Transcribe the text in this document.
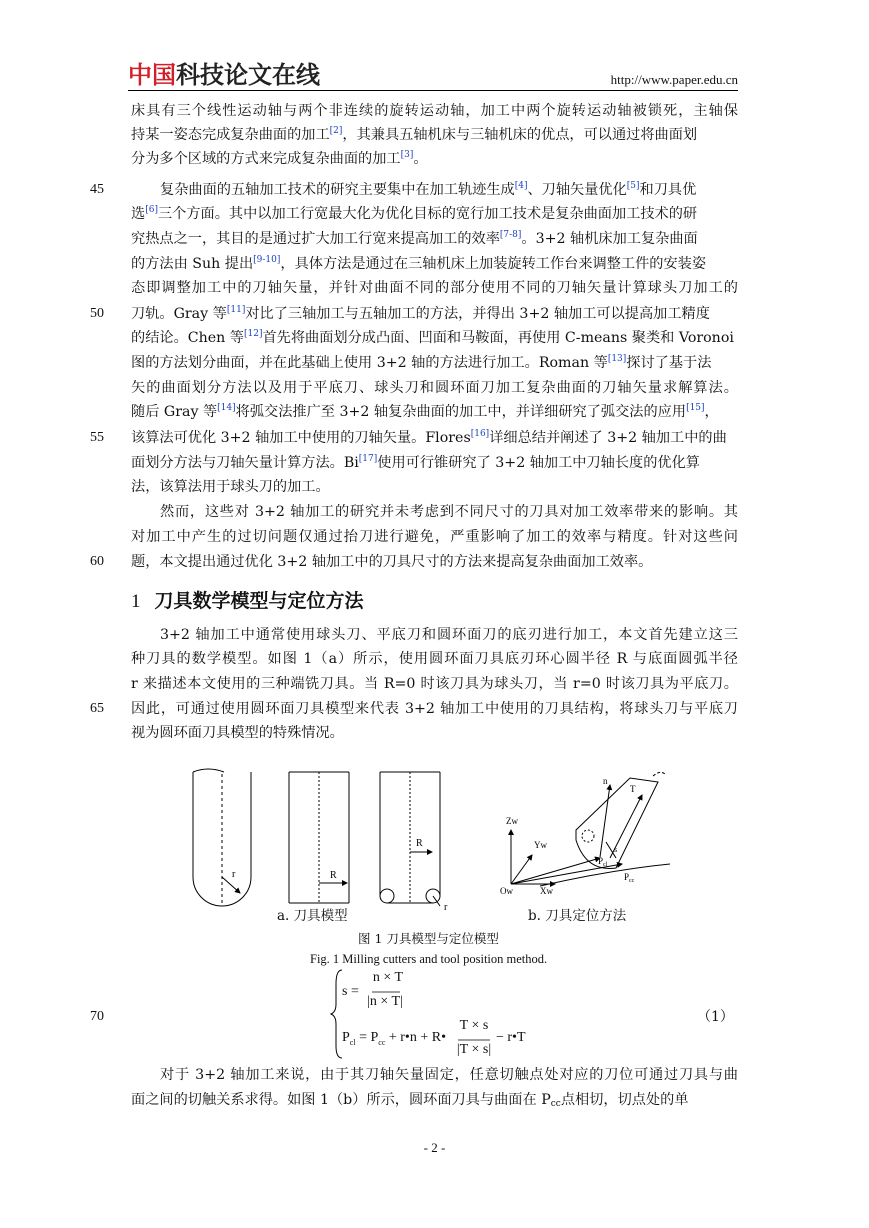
中国科技论文在线	http://www.paper.edu.cn
床具有三个线性运动轴与两个非连续的旋转运动轴，加工中两个旋转运动轴被锁死，主轴保
持某一姿态完成复杂曲面的加工[2]，其兼具五轴机床与三轴机床的优点，可以通过将曲面划
分为多个区域的方式来完成复杂曲面的加工[3]。
45	复杂曲面的五轴加工技术的研究主要集中在加工轨迹生成[4]、刀轴矢量优化[5]和刀具优
选[6]三个方面。其中以加工行宽最大化为优化目标的宽行加工技术是复杂曲面加工技术的研
究热点之一，其目的是通过扩大加工行宽来提高加工的效率[7-8]。3+2 轴机床加工复杂曲面
的方法由 Suh 提出[9-10]，具体方法是通过在三轴机床上加装旋转工作台来调整工件的安装姿
态即调整加工中的刀轴矢量，并针对曲面不同的部分使用不同的刀轴矢量计算球头刀加工的
50 刀轨。Gray 等[11]对比了三轴加工与五轴加工的方法，并得出 3+2 轴加工可以提高加工精度
的结论。Chen 等[12]首先将曲面划分成凸面、凹面和马鞍面，再使用 C-means 聚类和 Voronoi
图的方法划分曲面，并在此基础上使用 3+2 轴的方法进行加工。Roman 等[13]探讨了基于法
矢的曲面划分方法以及用于平底刀、球头刀和圆环面刀加工复杂曲面的刀轴矢量求解算法。
随后 Gray 等[14]将弧交法推广至 3+2 轴复杂曲面的加工中，并详细研究了弧交法的应用[15]，
55 该算法可优化 3+2 轴加工中使用的刀轴矢量。Flores[16]详细总结并阐述了 3+2 轴加工中的曲
面划分方法与刀轴矢量计算方法。Bi[17]使用可行锥研究了 3+2 轴加工中刀轴长度的优化算
法，该算法用于球头刀的加工。
然而，这些对 3+2 轴加工的研究并未考虑到不同尺寸的刀具对加工效率带来的影响。其
对加工中产生的过切问题仅通过抬刀进行避免，严重影响了加工的效率与精度。针对这些问
60 题，本文提出通过优化 3+2 轴加工中的刀具尺寸的方法来提高复杂曲面加工效率。
1 刀具数学模型与定位方法
3+2 轴加工中通常使用球头刀、平底刀和圆环面刀的底刃进行加工，本文首先建立这三
种刀具的数学模型。如图 1（a）所示，使用圆环面刀具底刃环心圆半径 R 与底面圆弧半径
r 来描述本文使用的三种端铣刀具。当 R=0 时该刀具为球头刀，当 r=0 时该刀具为平底刀。
65 因此，可通过使用圆环面刀具模型来代表 3+2 轴加工中使用的刀具结构，将球头刀与平底刀
视为圆环面刀具模型的特殊情况。
r	R
R
r
n
T
Zw
Yw
Xw
Ow
s
$P_{cl}$
$P_{cc}$
a. 刀具模型	b. 刀具定位方法
图 1 刀具模型与定位模型
Fig. 1 Milling cutters and tool position method.
70
s =
n × T
|n × T|
$P_{cl} = P_{cc}$ + r•n + R•
T × s
|T × s|
− r•T
（1）
对于 3+2 轴加工来说，由于其刀轴矢量固定，任意切触点处对应的刀位可通过刀具与曲
面之间的切触关系求得。如图 1（b）所示，圆环面刀具与曲面在 $P_{cc}$点相切，切点处的单
- 2 -
